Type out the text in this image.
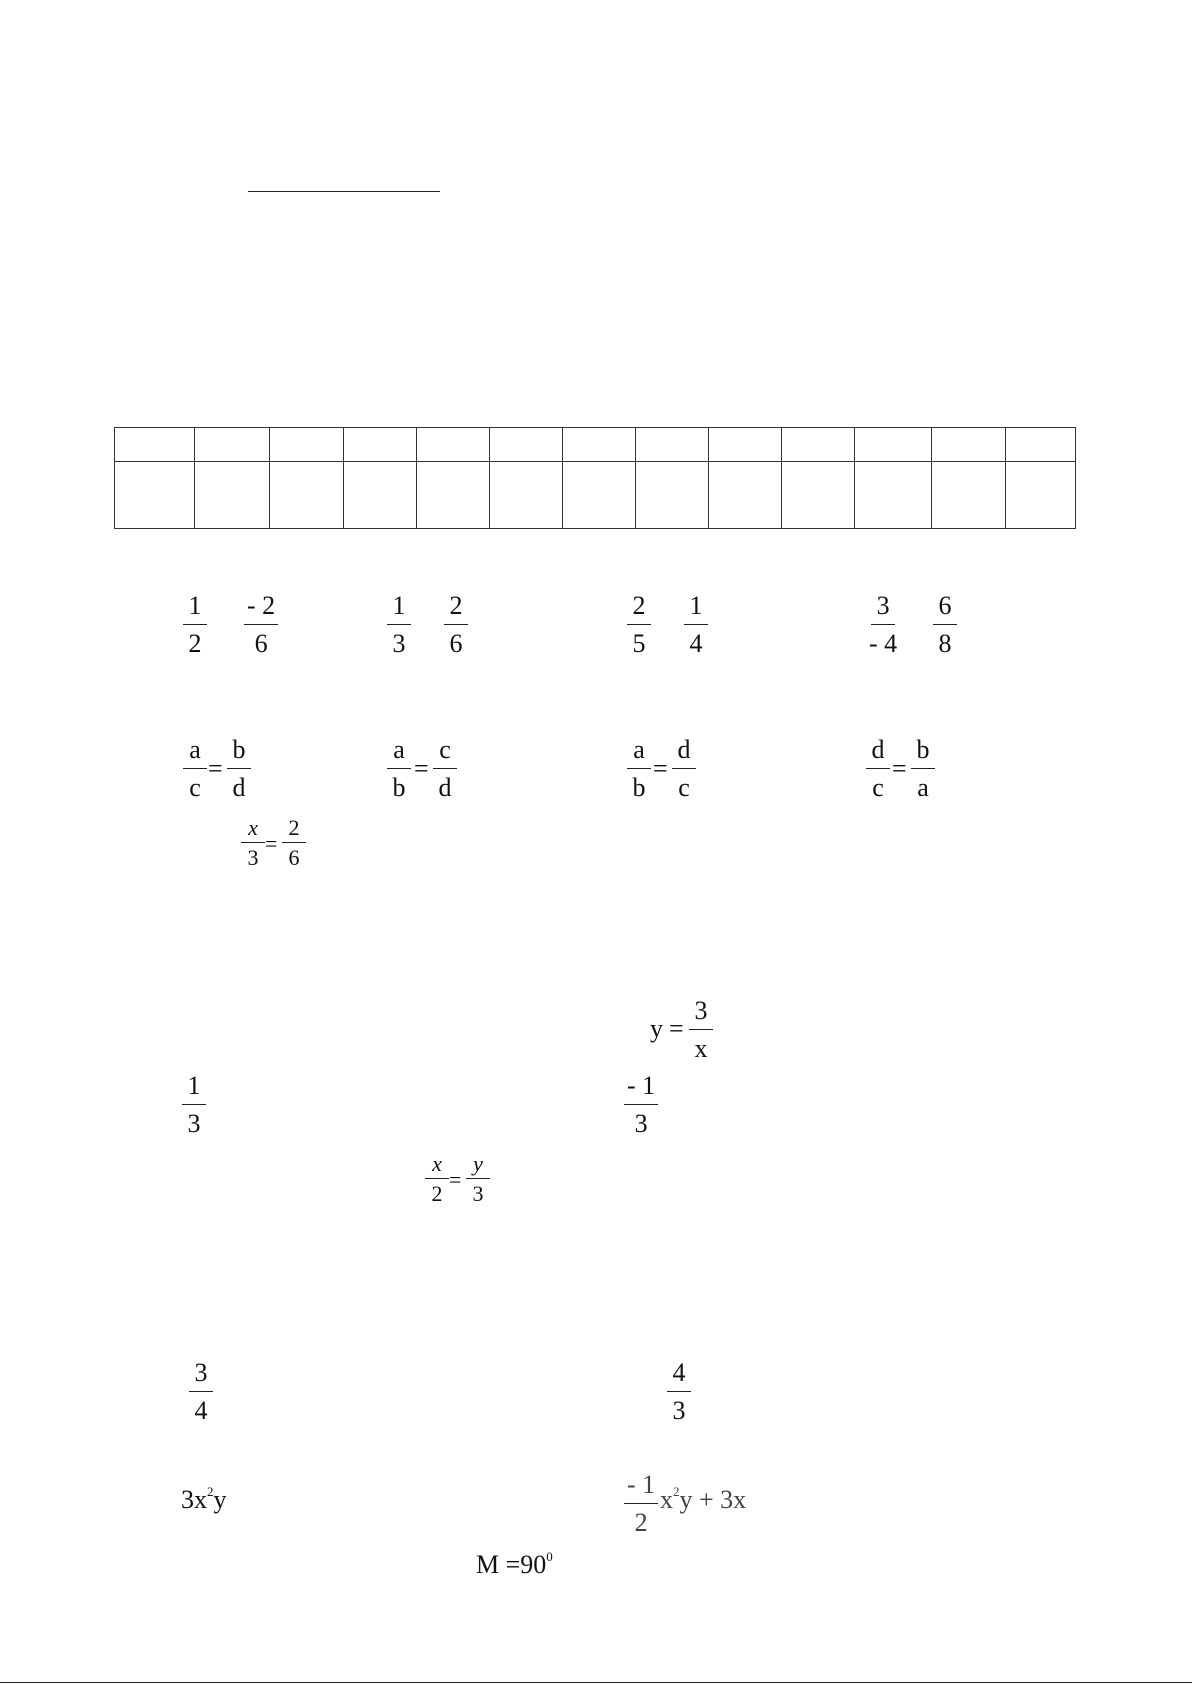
$\frac{1}{2} \frac{- 2}{6}$	$\frac{1}{3} \frac{2}{6}$	$\frac{2}{5} \frac{1}{4}$	$\frac{3}{- 4} \frac{6}{8}$
$\frac{a}{c} = \frac{b}{d}$	$\frac{a}{b} = \frac{c}{d}$	$\frac{a}{b} = \frac{d}{c}$	$\frac{d}{c} = \frac{b}{a}$
$\frac{x}{3} = \frac{2}{6}$
$y = \frac{3}{x}$
$\frac{1}{3}$	$\frac{- 1}{3}$
$\frac{x}{2} = \frac{y}{3}$
$\frac{3}{4}$	$\frac{4}{3}$
$3x^2y$	$\frac{- 1}{2} x^2y + 3x$
$M =90^0$
